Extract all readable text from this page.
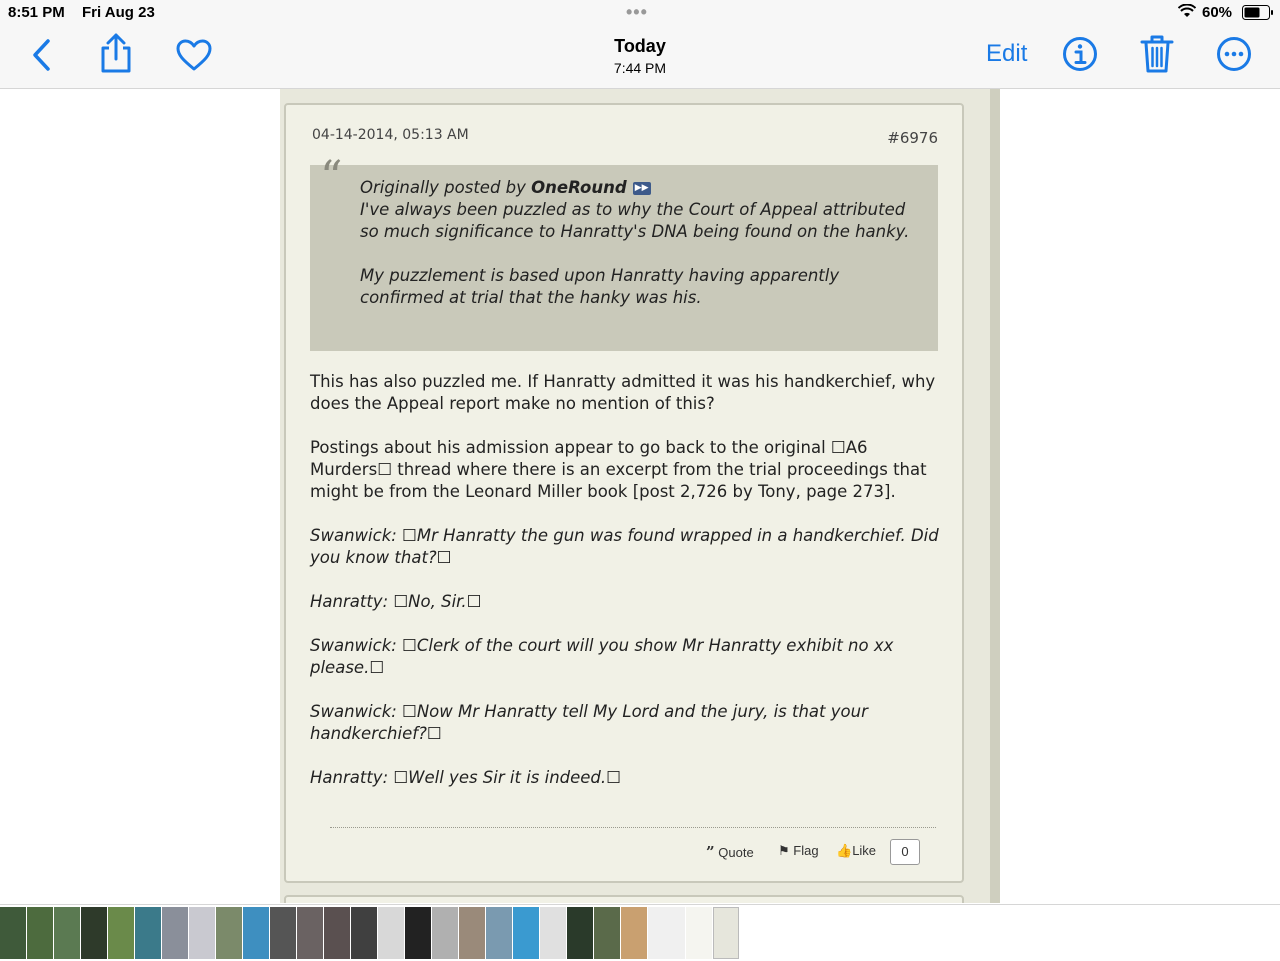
8:51 PM Fri Aug 23	•••	60%
Today
7:44 PM
Edit
04-14-2014, 05:13 AM	#6976
“ Originally posted by OneRound ▶▶

I've always been puzzled as to why the Court of Appeal attributed so much significance to Hanratty's DNA being found on the hanky.

My puzzlement is based upon Hanratty having apparently confirmed at trial that the hanky was his.

This has also puzzled me. If Hanratty admitted it was his handkerchief, why does the Appeal report make no mention of this?

Postings about his admission appear to go back to the original ☐A6 Murders☐ thread where there is an excerpt from the trial proceedings that might be from the Leonard Miller book [post 2,726 by Tony, page 273].

Swanwick: ☐Mr Hanratty the gun was found wrapped in a handkerchief. Did you know that?☐

Hanratty: ☐No, Sir.☐

Swanwick: ☐Clerk of the court will you show Mr Hanratty exhibit no xx please.☐

Swanwick: ☐Now Mr Hanratty tell My Lord and the jury, is that your handkerchief?☐

Hanratty: ☐Well yes Sir it is indeed.☐

” Quote ⚑ Flag 👍Like	0
